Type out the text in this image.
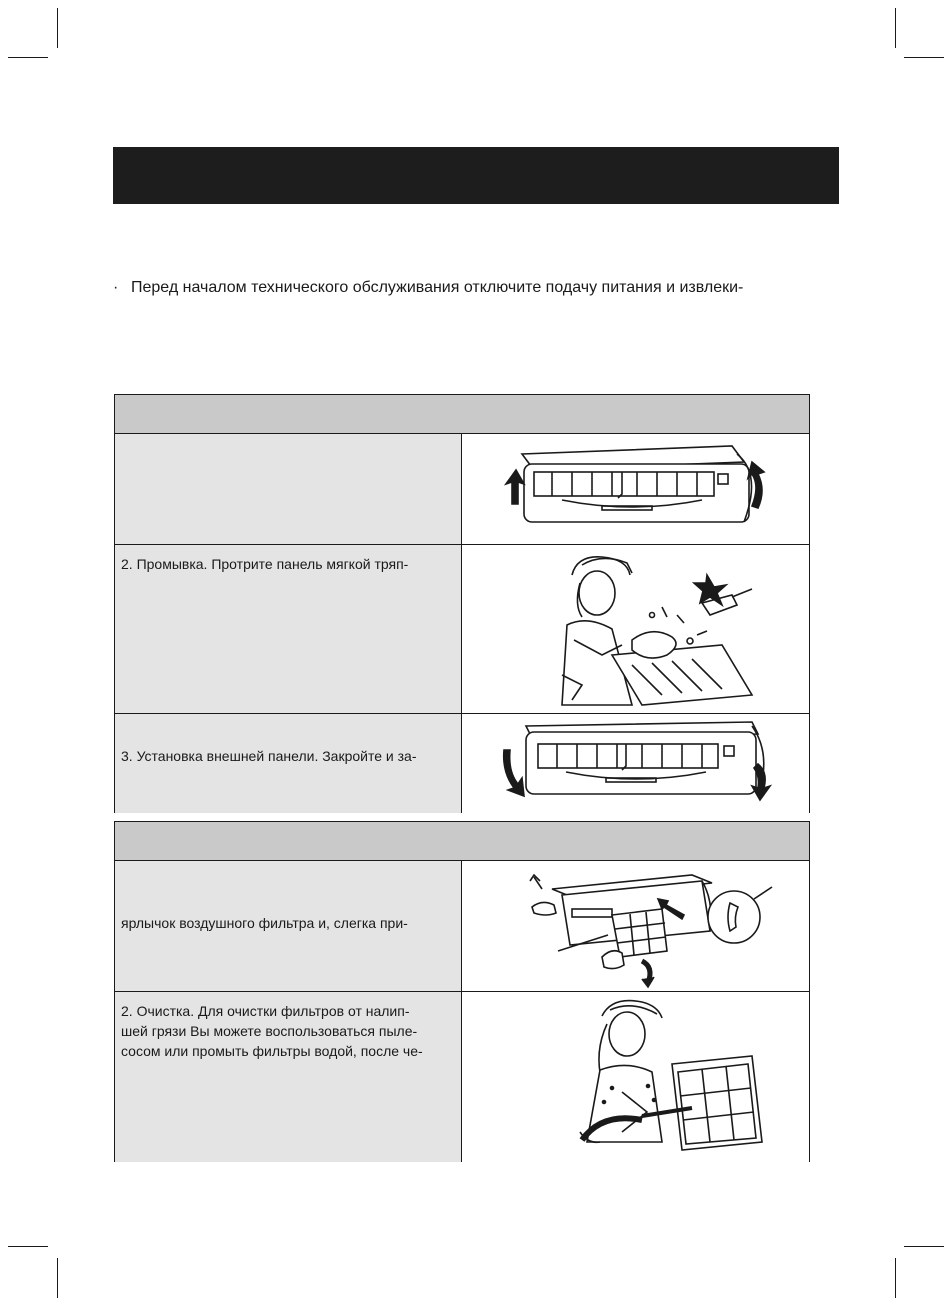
· Перед началом технического обслуживания отключите подачу питания и извлеки-
2. Промывка. Протрите панель мягкой тряп-
3. Установка внешней панели. Закройте и за-
ярлычок воздушного фильтра и, слегка при-
2. Очистка. Для очистки фильтров от налип-
шей грязи Вы можете воспользоваться пыле-
сосом или промыть фильтры водой, после че-
